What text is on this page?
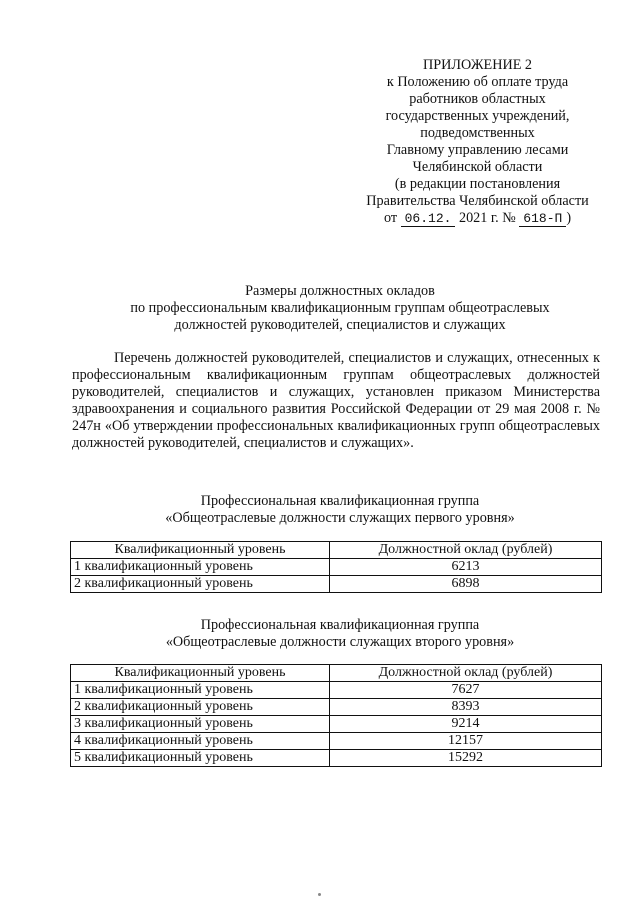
ПРИЛОЖЕНИЕ 2
к Положению об оплате труда
работников областных
государственных учреждений,
подведомственных
Главному управлению лесами
Челябинской области
(в редакции постановления
Правительства Челябинской области
от 06.12. 2021 г. № 618-П )
Размеры должностных окладов
по профессиональным квалификационным группам общеотраслевых
должностей руководителей, специалистов и служащих
Перечень должностей руководителей, специалистов и служащих, отнесенных к профессиональным квалификационным группам общеотраслевых должностей руководителей, специалистов и служащих, установлен приказом Министерства здравоохранения и социального развития Российской Федерации от 29 мая 2008 г. № 247н «Об утверждении профессиональных квалификационных групп общеотраслевых должностей руководителей, специалистов и служащих».
Профессиональная квалификационная группа
«Общеотраслевые должности служащих первого уровня»
Квалификационный уровень	Должностной оклад (рублей)
1 квалификационный уровень	6213
2 квалификационный уровень	6898
Профессиональная квалификационная группа
«Общеотраслевые должности служащих второго уровня»
Квалификационный уровень	Должностной оклад (рублей)
1 квалификационный уровень	7627
2 квалификационный уровень	8393
3 квалификационный уровень	9214
4 квалификационный уровень	12157
5 квалификационный уровень	15292
